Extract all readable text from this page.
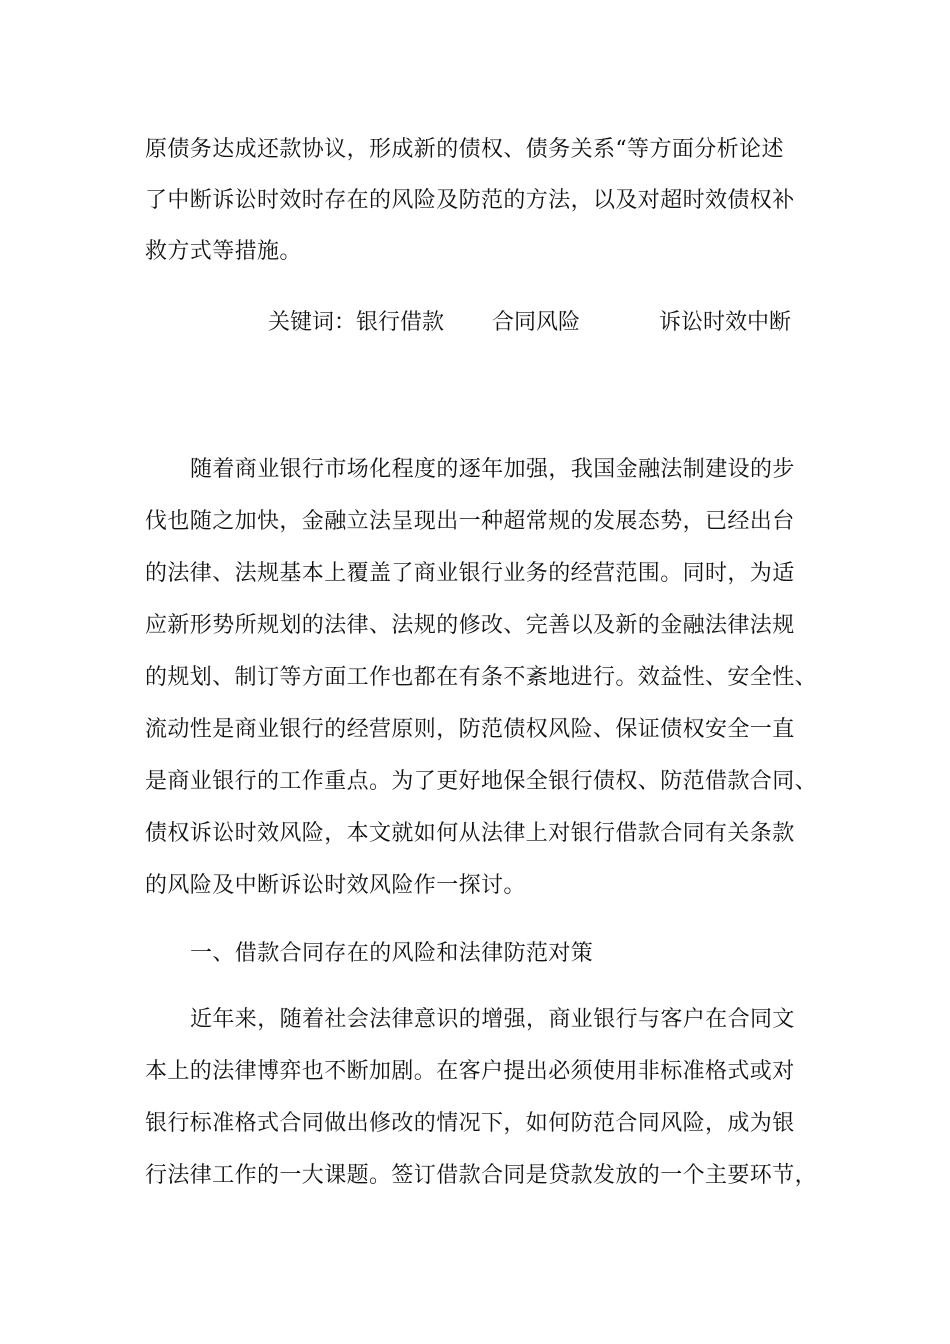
原债务达成还款协议，形成新的债权、债务关系“等方面分析论述
了中断诉讼时效时存在的风险及防范的方法，以及对超时效债权补
救方式等措施。
关键词： 银行借款 合同风险	诉讼时效中断
随着商业银行市场化程度的逐年加强，我国金融法制建设的步
伐也随之加快，金融立法呈现出一种超常规的发展态势，已经出台
的法律、法规基本上覆盖了商业银行业务的经营范围。同时，为适
应新形势所规划的法律、法规的修改、完善以及新的金融法律法规
的规划、制订等方面工作也都在有条不紊地进行。效益性、安全性、
流动性是商业银行的经营原则，防范债权风险、保证债权安全一直
是商业银行的工作重点。为了更好地保全银行债权、防范借款合同、
债权诉讼时效风险，本文就如何从法律上对银行借款合同有关条款
的风险及中断诉讼时效风险作一探讨。
一、借款合同存在的风险和法律防范对策
近年来，随着社会法律意识的增强，商业银行与客户在合同文
本上的法律博弈也不断加剧。在客户提出必须使用非标准格式或对
银行标准格式合同做出修改的情况下，如何防范合同风险，成为银
行法律工作的一大课题。签订借款合同是贷款发放的一个主要环节，
